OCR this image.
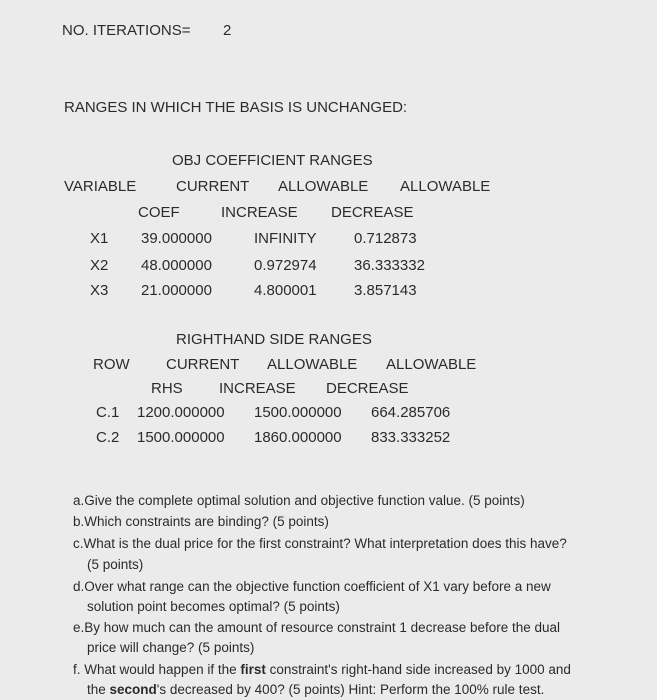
NO. ITERATIONS= 2
RANGES IN WHICH THE BASIS IS UNCHANGED:
OBJ COEFFICIENT RANGES
VARIABLE	CURRENT ALLOWABLE ALLOWABLE
COEF	INCREASE DECREASE
X1 39.000000	INFINITY	0.712873
X2 48.000000	0.972974 36.333332
X3 21.000000	4.800001 3.857143
RIGHTHAND SIDE RANGES
ROW CURRENT ALLOWABLE ALLOWABLE
RHS INCREASE DECREASE
C.1 1200.000000 1500.000000 664.285706
C.2 1500.000000 1860.000000 833.333252
a.Give the complete optimal solution and objective function value. (5 points)
b.Which constraints are binding? (5 points)
c.What is the dual price for the first constraint? What interpretation does this have?
(5 points)
d.Over what range can the objective function coefficient of X1 vary before a new
solution point becomes optimal? (5 points)
e.By how much can the amount of resource constraint 1 decrease before the dual
price will change? (5 points)
f. What would happen if the first constraint's right-hand side increased by 1000 and
the second's decreased by 400? (5 points) Hint: Perform the 100% rule test.
